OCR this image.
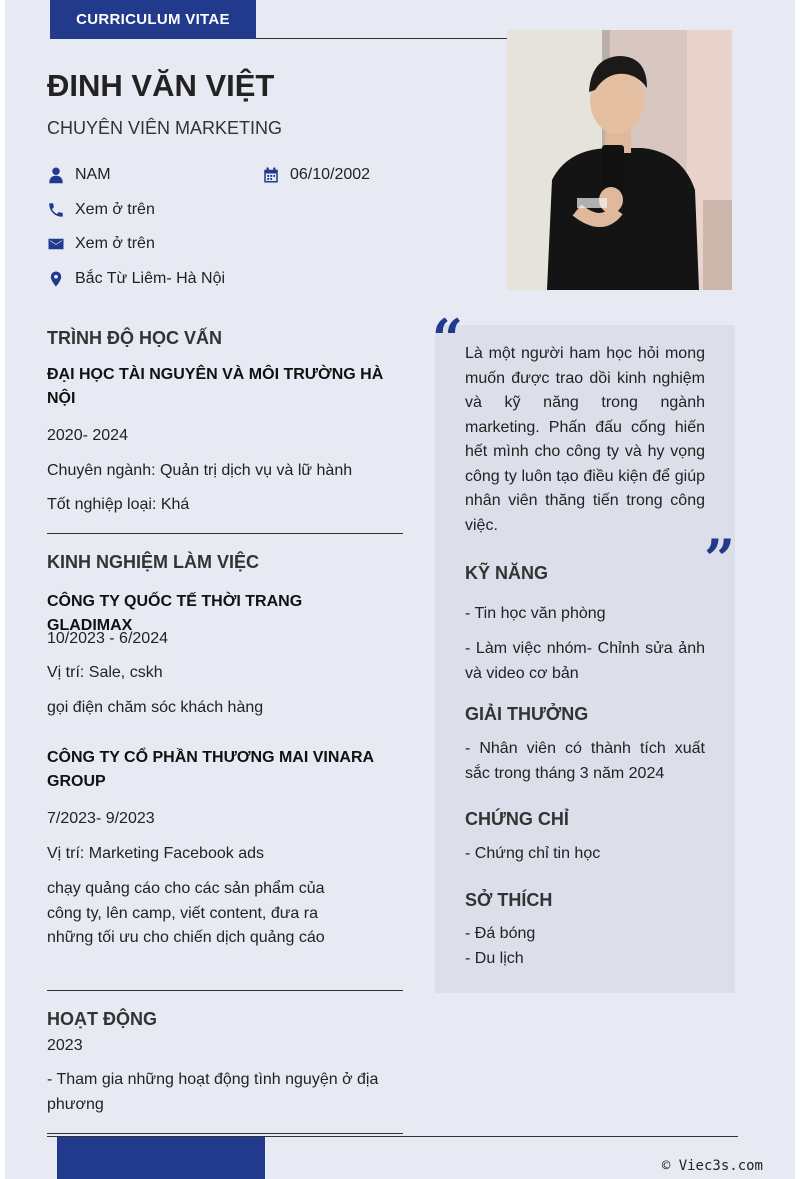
CURRICULUM VITAE
ĐINH VĂN VIỆT
CHUYÊN VIÊN MARKETING
NAM	06/10/2002
Xem ở trên
Xem ở trên
Bắc Từ Liêm- Hà Nội
TRÌNH ĐỘ HỌC VẤN
ĐẠI HỌC TÀI NGUYÊN VÀ MÔI TRƯỜNG HÀ NỘI
2020- 2024
Chuyên ngành: Quản trị dịch vụ và lữ hành
Tốt nghiệp loại: Khá
KINH NGHIỆM LÀM VIỆC
CÔNG TY QUỐC TẾ THỜI TRANG GLADIMAX
10/2023 - 6/2024
Vị trí: Sale, cskh
gọi điện chăm sóc khách hàng
CÔNG TY CỔ PHẦN THƯƠNG MAI VINARA GROUP
7/2023- 9/2023
Vị trí: Marketing Facebook ads
chạy quảng cáo cho các sản phẩm của công ty, lên camp, viết content, đưa ra những tối ưu cho chiến dịch quảng cáo
HOẠT ĐỘNG
2023
- Tham gia những hoạt động tình nguyện ở địa phương
“
”
Là một người ham học hỏi mong muốn được trao dồi kinh nghiệm và kỹ năng trong ngành marketing. Phấn đấu cống hiến hết mình cho công ty và hy vọng công ty luôn tạo điều kiện để giúp nhân viên thăng tiến trong công việc.
KỸ NĂNG
- Tin học văn phòng
- Làm việc nhóm- Chỉnh sửa ảnh và video cơ bản
GIẢI THƯỞNG
- Nhân viên có thành tích xuất sắc trong tháng 3 năm 2024
CHỨNG CHỈ
- Chứng chỉ tin học
SỞ THÍCH
- Đá bóng
- Du lịch
© Viec3s.com
